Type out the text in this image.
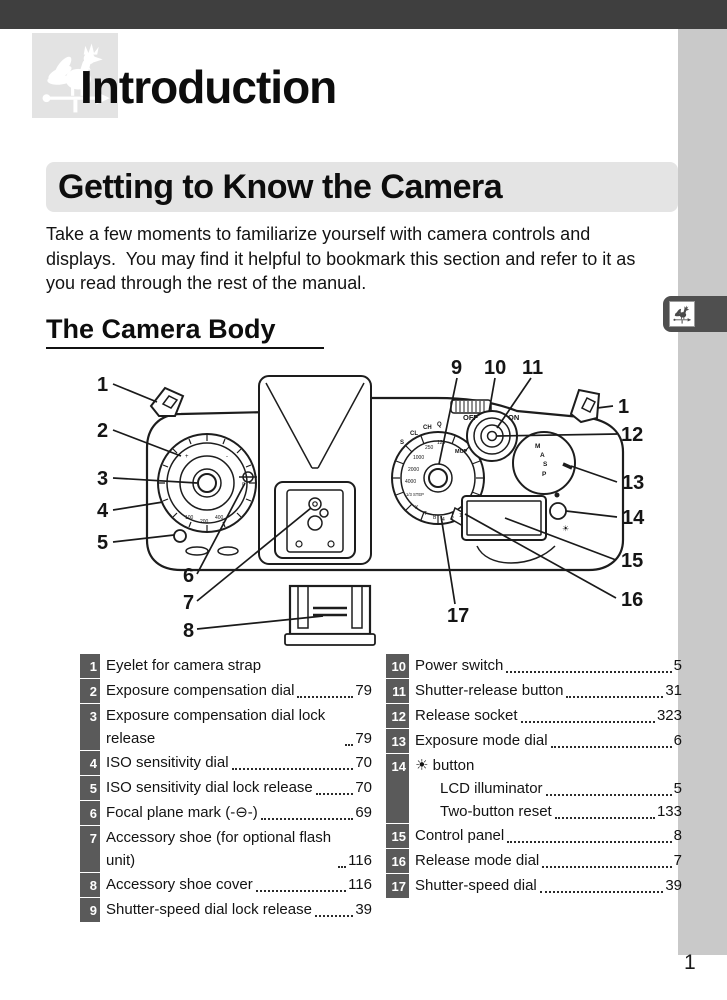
Introduction
Getting to Know the Camera
Take a few moments to familiarize yourself with camera controls and displays.  You may find it helpful to bookmark this section and refer to it as you read through the rest of the manual.
The Camera Body
OFF	ON
S
CL
CH Q
MUP
M
A
S
P
1000
2000
4000
1/3 STEP
250
125
X
T
B 4 2 1
100
200
400
+	-
☀
1
2
3
4
5
6
7
8
9 10 11
1
12
13
14
15
16
17
1 Eyelet for camera strap
2 Exposure compensation dial	79
3 Exposure compensation dial lock release	79
4 ISO sensitivity dial	70
5 ISO sensitivity dial lock release	70
6 Focal plane mark (-⊖-)	69
7 Accessory shoe (for optional flash unit)	116
8 Accessory shoe cover	116
9 Shutter-speed dial lock release	39
10 Power switch	5
11 Shutter-release button	31
12 Release socket	323
13 Exposure mode dial	6
14 ☀ button
LCD illuminator	5
Two-button reset	133
15 Control panel	8
16 Release mode dial	7
17 Shutter-speed dial	39
1
